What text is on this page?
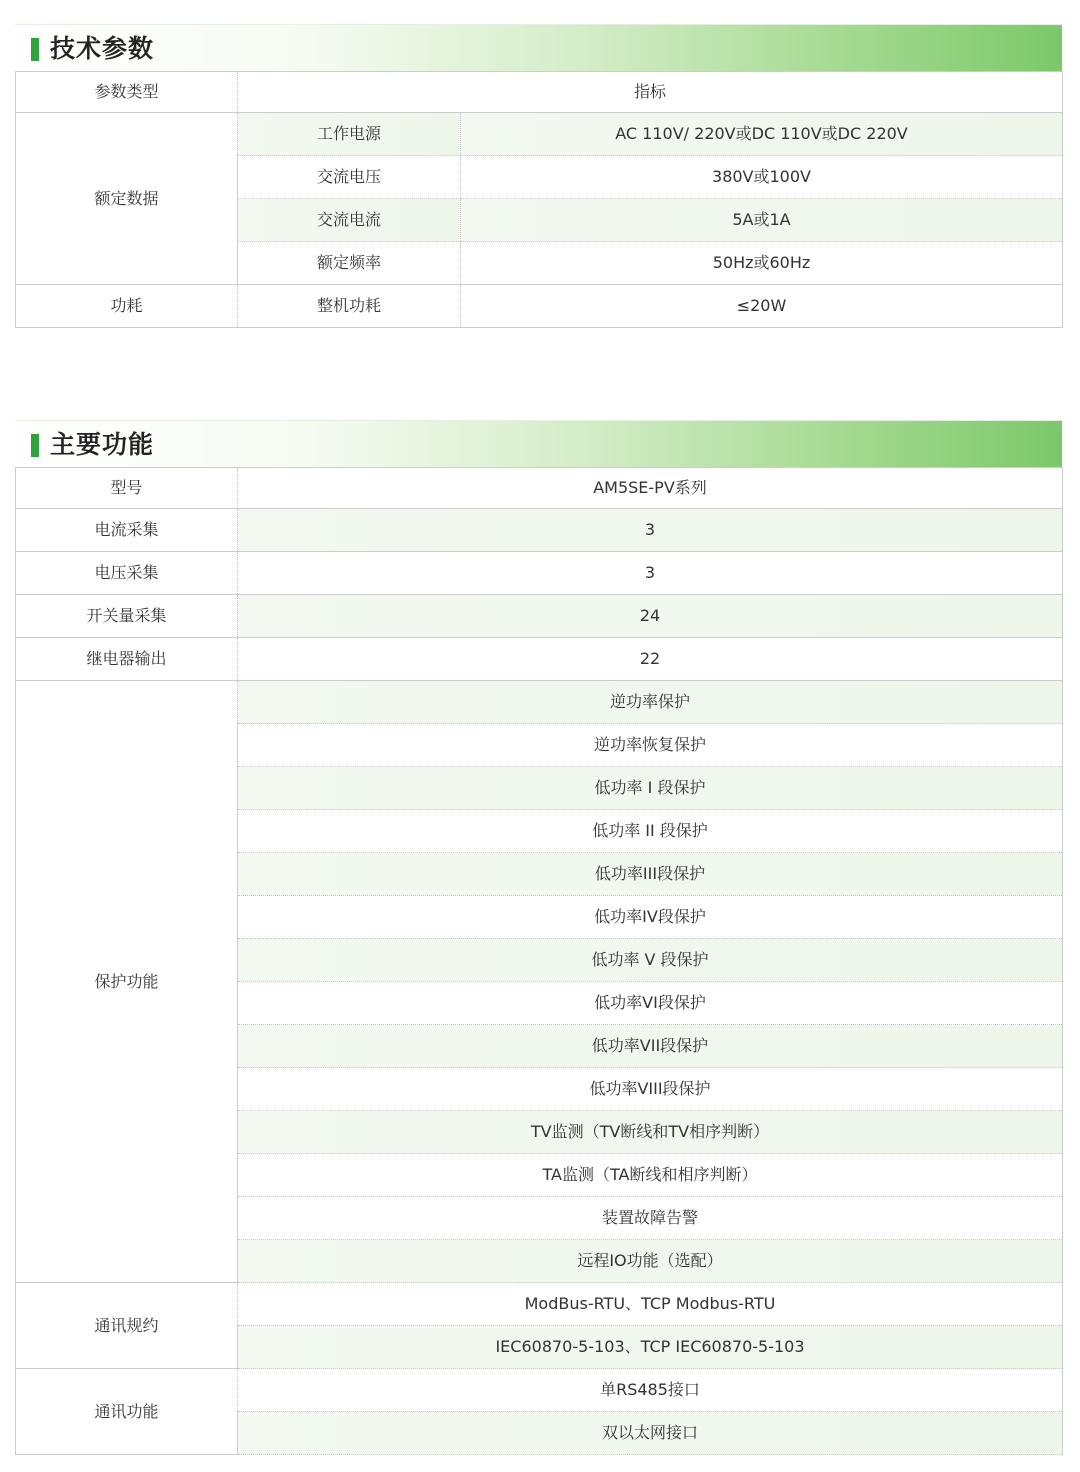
技术参数
参数类型	指标	
额定数据	工作电源	AC 110V/ 220V或DC 110V或DC 220V
	交流电压	380V或100V
	交流电流	5A或1A
	额定频率	50Hz或60Hz
功耗	整机功耗	≤20W
主要功能
型号	AM5SE-PV系列
电流采集	3
电压采集	3
开关量采集	24
继电器输出	22
保护功能	逆功率保护
	逆功率恢复保护
	低功率 I 段保护
	低功率 II 段保护
	低功率III段保护
	低功率IV段保护
	低功率 V 段保护
	低功率VI段保护
	低功率VII段保护
	低功率VIII段保护
	TV监测（TV断线和TV相序判断）
	TA监测（TA断线和相序判断）
	装置故障告警
	远程IO功能（选配）
通讯规约	ModBus-RTU、TCP Modbus-RTU
	IEC60870-5-103、TCP IEC60870-5-103
通讯功能	单RS485接口
	双以太网接口
